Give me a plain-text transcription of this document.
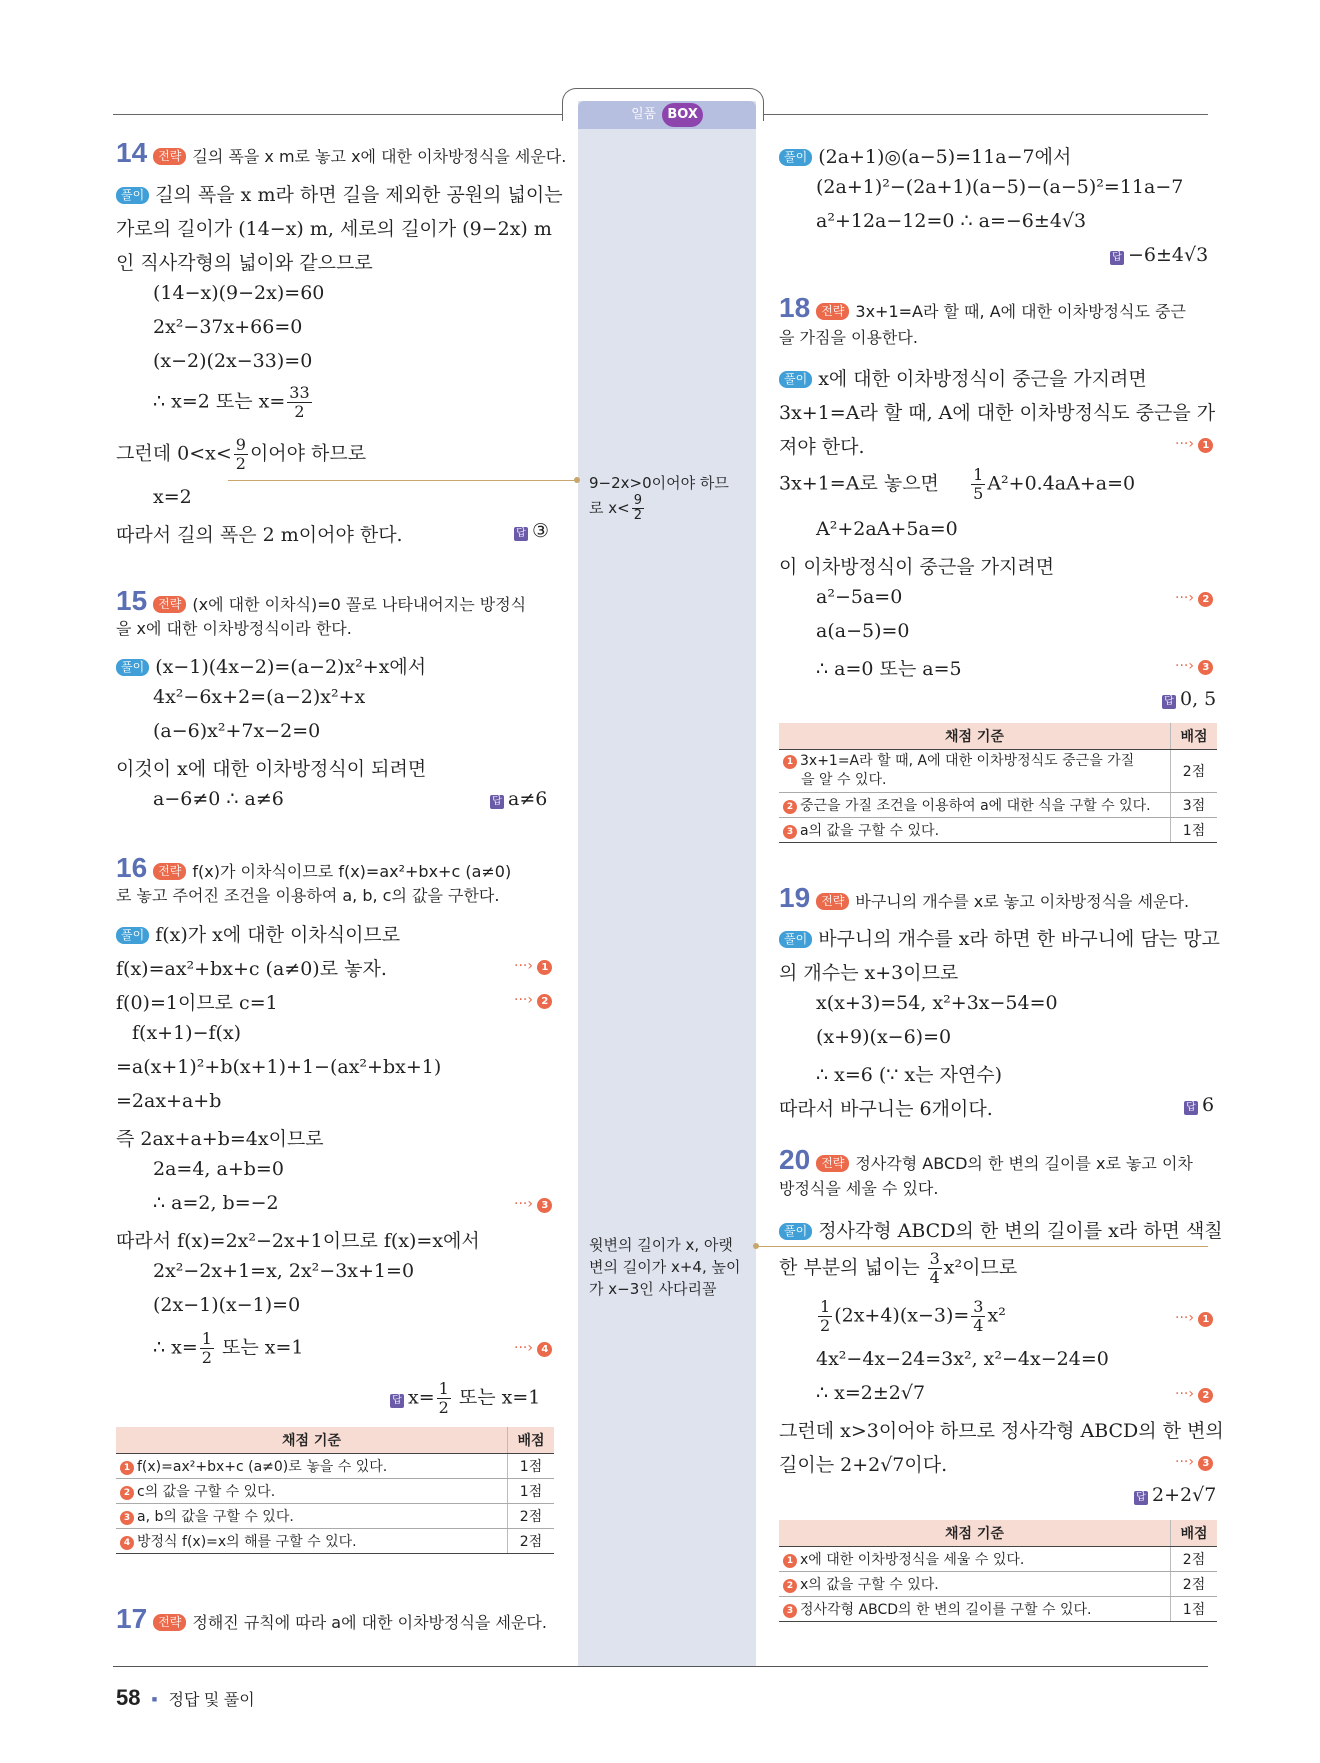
일품 BOX
9−2x>0이어야 하므
로 $x< \frac{9}{2}$
윗변의 길이가 x, 아랫
변의 길이가 x+4, 높이
가 x−3인 사다리꼴
14 전략 길의 폭을 x m로 놓고 x에 대한 이차방정식을 세운다.
풀이 길의 폭을 x m라 하면 길을 제외한 공원의 넓이는
가로의 길이가 (14−x) m, 세로의 길이가 (9−2x) m
인 직사각형의 넓이와 같으므로
(14−x)(9−2x)=60
2x²−37x+66=0
(x−2)(2x−33)=0
∴ x=2 또는 $x= \frac{33}{2}$
그런데 $0<x< \frac{9}{2}$ 이어야 하므로
x=2
따라서 길의 폭은 2 m이어야 한다.	답 ③
15 전략 (x에 대한 이차식)=0 꼴로 나타내어지는 방정식
을 x에 대한 이차방정식이라 한다.
풀이 (x−1)(4x−2)=(a−2)x²+x에서
4x²−6x+2=(a−2)x²+x
(a−6)x²+7x−2=0
이것이 x에 대한 이차방정식이 되려면
a−6≠0 ∴ a≠6	답 a≠6
16 전략 f(x)가 이차식이므로 f(x)=ax²+bx+c (a≠0)
로 놓고 주어진 조건을 이용하여 a, b, c의 값을 구한다.
풀이 f(x)가 x에 대한 이차식이므로
f(x)=ax²+bx+c (a≠0)로 놓자.	···› 1
f(0)=1이므로 c=1	···› 2
f(x+1)−f(x)
=a(x+1)²+b(x+1)+1−(ax²+bx+1)
=2ax+a+b
즉 2ax+a+b=4x이므로
2a=4, a+b=0
∴ a=2, b=−2	···› 3
따라서 f(x)=2x²−2x+1이므로 f(x)=x에서
2x²−2x+1=x, 2x²−3x+1=0
(2x−1)(x−1)=0
∴ $x= \frac{1}{2}$ 또는 x=1	···› 4
답 $x= \frac{1}{2}$ 또는 x=1
채점 기준	배점
1 f(x)=ax²+bx+c (a≠0)로 놓을 수 있다.	1점
2 c의 값을 구할 수 있다.	1점
3 a, b의 값을 구할 수 있다.	2점
4 방정식 f(x)=x의 해를 구할 수 있다.	2점
17 전략 정해진 규칙에 따라 a에 대한 이차방정식을 세운다.
풀이 (2a+1)◎(a−5)=11a−7에서
(2a+1)²−(2a+1)(a−5)−(a−5)²=11a−7
a²+12a−12=0 ∴ a=−6±4√3
답 −6±4√3
18 전략 3x+1=A라 할 때, A에 대한 이차방정식도 중근
을 가짐을 이용한다.
풀이 x에 대한 이차방정식이 중근을 가지려면
3x+1=A라 할 때, A에 대한 이차방정식도 중근을 가
져야 한다.	···› 1
3x+1=A로 놓으면 $\frac{1}{5} A^2+0.4aA+a=0$
A²+2aA+5a=0
이 이차방정식이 중근을 가지려면
a²−5a=0	···› 2
a(a−5)=0
∴ a=0 또는 a=5	···› 3
답 0, 5
채점 기준	배점
1 3x+1=A라 할 때, A에 대한 이차방정식도 중근을 가질
을 알 수 있다.	2점
2 중근을 가질 조건을 이용하여 a에 대한 식을 구할 수 있다.	3점
3 a의 값을 구할 수 있다.	1점
19 전략 바구니의 개수를 x로 놓고 이차방정식을 세운다.
풀이 바구니의 개수를 x라 하면 한 바구니에 담는 망고
의 개수는 x+3이므로
x(x+3)=54, x²+3x−54=0
(x+9)(x−6)=0
∴ x=6 (∵ x는 자연수)
따라서 바구니는 6개이다.	답 6
20 전략 정사각형 ABCD의 한 변의 길이를 x로 놓고 이차
방정식을 세울 수 있다.
풀이 정사각형 ABCD의 한 변의 길이를 x라 하면 색칠
한 부분의 넓이는 $\frac{3}{4} x^2$이므로
$\frac{1}{2} (2x+4)(x-3)= \frac{3}{4} x^2$	···› 1
4x²−4x−24=3x², x²−4x−24=0
∴ x=2±2√7	···› 2
그런데 x>3이어야 하므로 정사각형 ABCD의 한 변의
길이는 2+2√7이다.	···› 3
답 2+2√7
채점 기준	배점
1 x에 대한 이차방정식을 세울 수 있다.	2점
2 x의 값을 구할 수 있다.	2점
3 정사각형 ABCD의 한 변의 길이를 구할 수 있다.	1점
58 ■ 정답 및 풀이
